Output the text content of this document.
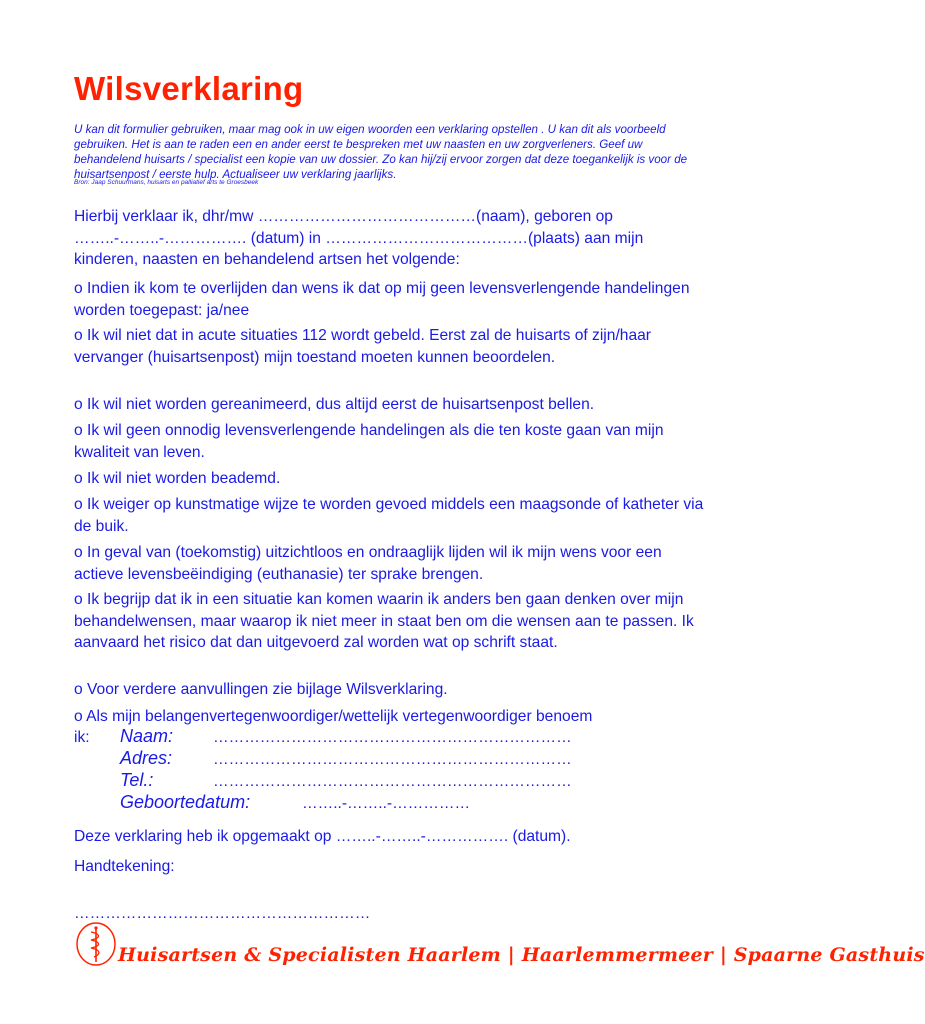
Wilsverklaring
U kan dit formulier gebruiken, maar mag ook in uw eigen woorden een verklaring opstellen . U kan dit als voorbeeld gebruiken. Het is aan te raden een en ander eerst te bespreken met uw naasten en uw zorgverleners. Geef uw behandelend huisarts / specialist een kopie van uw dossier. Zo kan hij/zij ervoor zorgen dat deze toegankelijk is voor de huisartsenpost / eerste hulp. Actualiseer uw verklaring jaarlijks.
Bron: Jaap Schuurmans, huisarts en palliatief arts te Groesbeek
Hierbij verklaar ik, dhr/mw ……………………………………(naam), geboren op ……..-……..-……………. (datum) in …………………………………(plaats) aan mijn kinderen, naasten en behandelend artsen het volgende:
o Indien ik kom te overlijden dan wens ik dat op mij geen levensverlengende handelingen worden toegepast: ja/nee
o Ik wil niet dat in acute situaties 112 wordt gebeld. Eerst zal de huisarts of zijn/haar vervanger (huisartsenpost) mijn toestand moeten kunnen beoordelen.
o Ik wil niet worden gereanimeerd, dus altijd eerst de huisartsenpost bellen.
o Ik wil geen onnodig levensverlengende handelingen als die ten koste gaan van mijn kwaliteit van leven.
o Ik wil niet worden beademd.
o Ik weiger op kunstmatige wijze te worden gevoed middels een maagsonde of katheter via de buik.
o In geval van (toekomstig) uitzichtloos en ondraaglijk lijden wil ik mijn wens voor een actieve levensbeëindiging (euthanasie) ter sprake brengen.
o Ik begrijp dat ik in een situatie kan komen waarin ik anders ben gaan denken over mijn behandelwensen, maar waarop ik niet meer in staat ben om die wensen aan te passen. Ik aanvaard het risico dat dan uitgevoerd zal worden wat op schrift staat.
o Voor verdere aanvullingen zie bijlage Wilsverklaring.
o Als mijn belangenvertegenwoordiger/wettelijk vertegenwoordiger benoem
ik: Naam:	……………………………………………………………
Adres:	……………………………………………………………
Tel.:	……………………………………………………………
Geboortedatum:	……..-……..-……………
Deze verklaring heb ik opgemaakt op ……..-……..-……………. (datum).
Handtekening:
…………………………………………………
Huisartsen & Specialisten Haarlem | Haarlemmermeer | Spaarne Gasthuis
